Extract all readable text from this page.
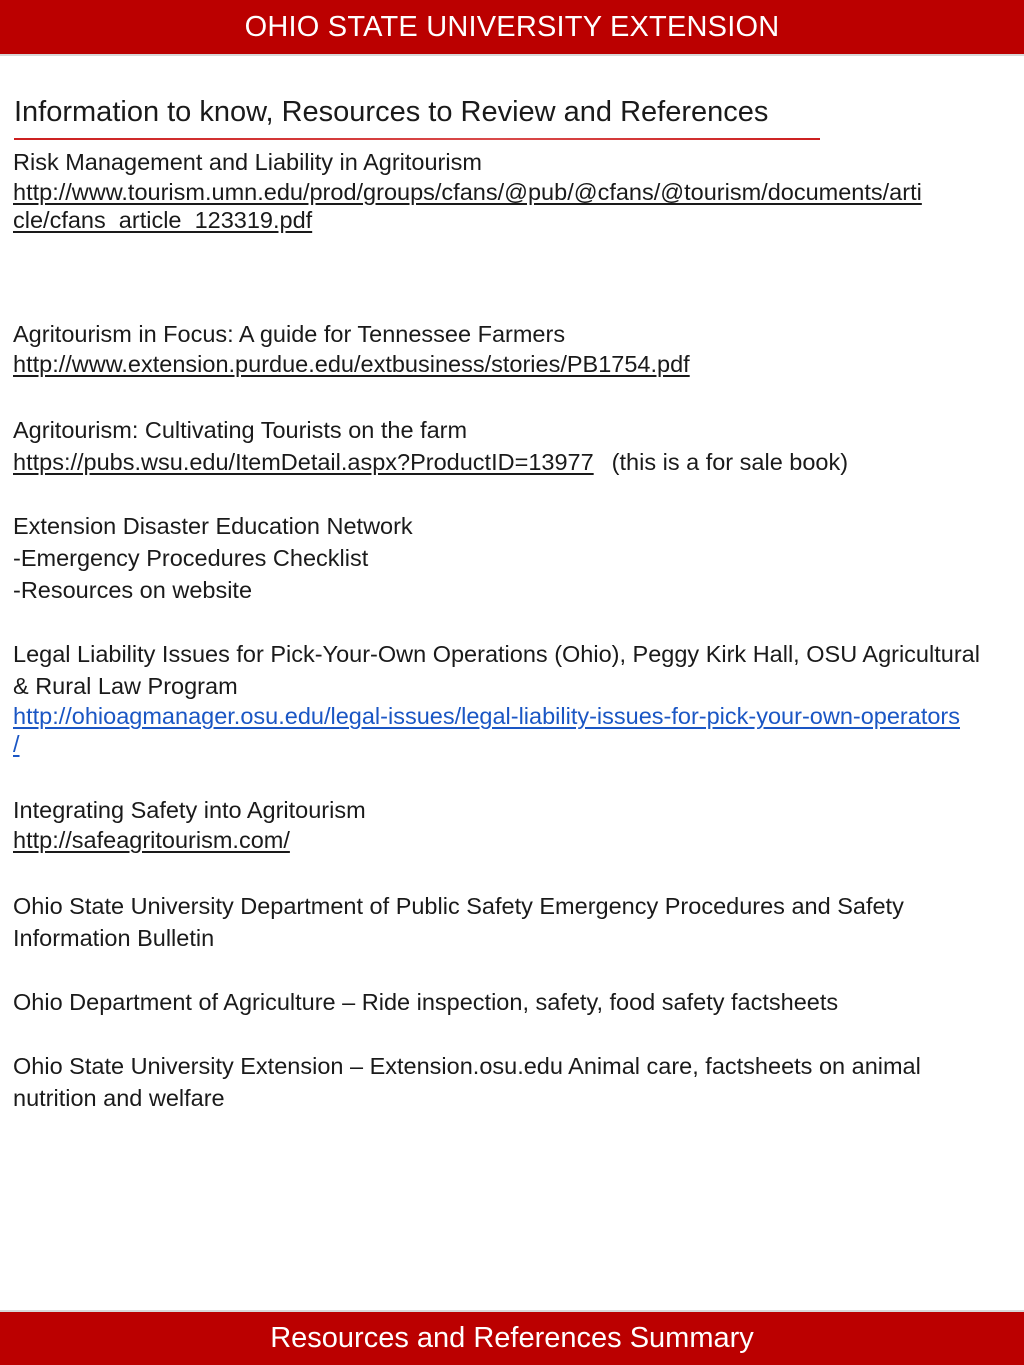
OHIO STATE UNIVERSITY EXTENSION
Information to know, Resources to Review and References
Risk Management and Liability in Agritourism
http://www.tourism.umn.edu/prod/groups/cfans/@pub/@cfans/@tourism/documents/arti
cle/cfans_article_123319.pdf
Agritourism in Focus: A guide for Tennessee Farmers
http://www.extension.purdue.edu/extbusiness/stories/PB1754.pdf
Agritourism: Cultivating Tourists on the farm
https://pubs.wsu.edu/ItemDetail.aspx?ProductID=13977 (this is a for sale book)
Extension Disaster Education Network
-Emergency Procedures Checklist
-Resources on website
Legal Liability Issues for Pick-Your-Own Operations (Ohio), Peggy Kirk Hall, OSU Agricultural
& Rural Law Program
http://ohioagmanager.osu.edu/legal-issues/legal-liability-issues-for-pick-your-own-operators
/
Integrating Safety into Agritourism
http://safeagritourism.com/
Ohio State University Department of Public Safety Emergency Procedures and Safety
Information Bulletin
Ohio Department of Agriculture – Ride inspection, safety, food safety factsheets
Ohio State University Extension – Extension.osu.edu Animal care, factsheets on animal
nutrition and welfare
Resources and References Summary
